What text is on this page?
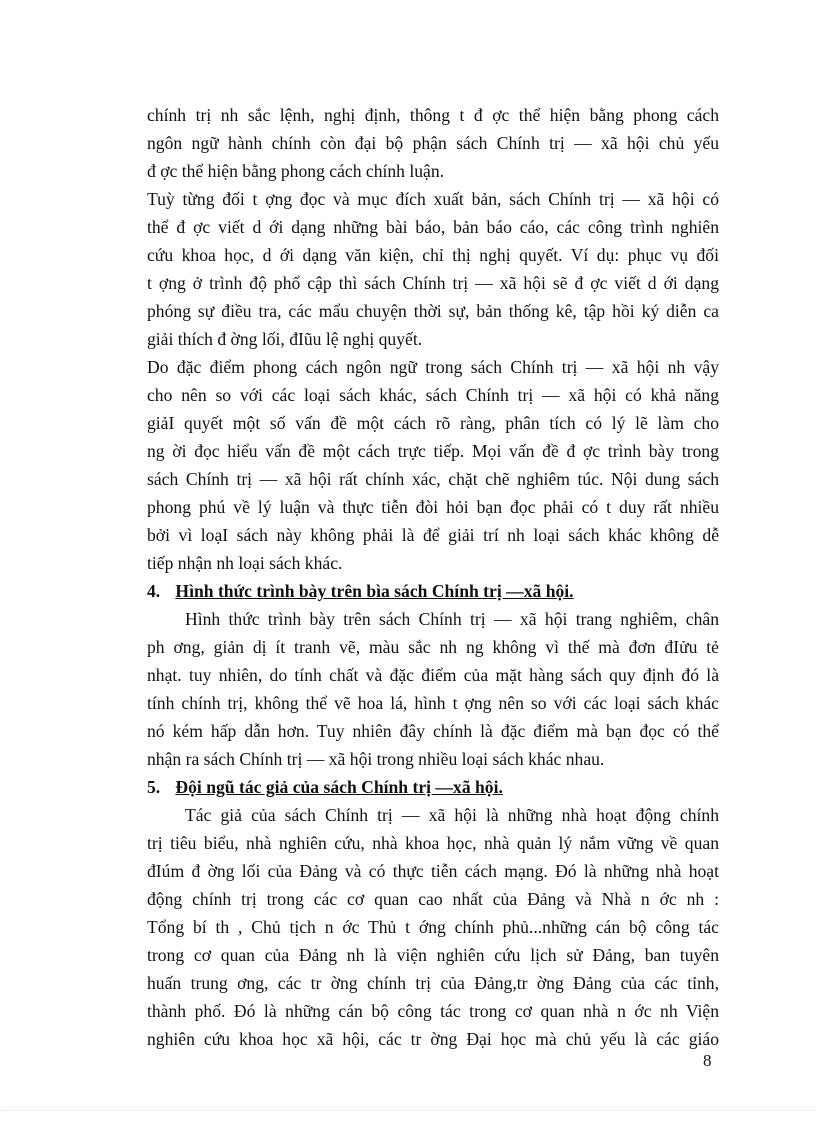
chính trị nh sắc lệnh, nghị định, thông t đ ợc thể hiện bằng phong cách
ngôn ngữ hành chính còn đại bộ phận sách Chính trị — xã hội chủ yếu
đ ợc thể hiện bằng phong cách chính luận.
Tuỳ từng đối t ợng đọc và mục đích xuất bản, sách Chính trị — xã hội có
thể đ ợc viết d ới dạng những bài báo, bản báo cáo, các công trình nghiên
cứu khoa học, d ới dạng văn kiện, chỉ thị nghị quyết. Ví dụ: phục vụ đối
t ợng ở trình độ phổ cập thì sách Chính trị — xã hội sẽ đ ợc viết d ới dạng
phóng sự điều tra, các mẩu chuyện thời sự, bản thống kê, tập hồi ký diễn ca
giải thích đ ờng lối, đIũu lệ nghị quyết.
Do đặc điểm phong cách ngôn ngữ trong sách Chính trị — xã hội nh vậy
cho nên so với các loại sách khác, sách Chính trị — xã hội có khả năng
giảI quyết một số vấn đề một cách rõ ràng, phân tích có lý lẽ làm cho
ng ời đọc hiểu vấn đề một cách trực tiếp. Mọi vấn đề đ ợc trình bày trong
sách Chính trị — xã hội rất chính xác, chặt chẽ nghiêm túc. Nội dung sách
phong phú về lý luận và thực tiễn đòi hỏi bạn đọc phải có t duy rất nhiều
bởi vì loạI sách này không phải là để giải trí nh loại sách khác không dễ
tiếp nhận nh loại sách khác.
4. Hình thức trình bày trên bìa sách Chính trị —xã hội.
Hình thức trình bày trên sách Chính trị — xã hội trang nghiêm, chân
ph ơng, giản dị ít tranh vẽ, màu sắc nh ng không vì thế mà đơn đIửu tẻ
nhạt. tuy nhiên, do tính chất và đặc điểm của mặt hàng sách quy định đó là
tính chính trị, không thể vẽ hoa lá, hình t ợng nên so với các loại sách khác
nó kém hấp dẫn hơn. Tuy nhiên đây chính là đặc điểm mà bạn đọc có thể
nhận ra sách Chính trị — xã hội trong nhiều loại sách khác nhau.
5. Đội ngũ tác giả của sách Chính trị —xã hội.
Tác giả của sách Chính trị — xã hội là những nhà hoạt động chính
trị tiêu biểu, nhà nghiên cứu, nhà khoa học, nhà quản lý nắm vững về quan
đIúm đ ờng lối của Đảng và có thực tiễn cách mạng. Đó là những nhà hoạt
động chính trị trong các cơ quan cao nhất của Đảng và Nhà n ớc nh :
Tổng bí th , Chủ tịch n ớc Thủ t ớng chính phủ...những cán bộ công tác
trong cơ quan của Đảng nh là viện nghiên cứu lịch sử Đảng, ban tuyên
huấn trung ơng, các tr ờng chính trị của Đảng,tr ờng Đảng của các tỉnh,
thành phố. Đó là những cán bộ công tác trong cơ quan nhà n ớc nh Viện
nghiên cứu khoa học xã hội, các tr ờng Đại học mà chủ yếu là các giáo
8
